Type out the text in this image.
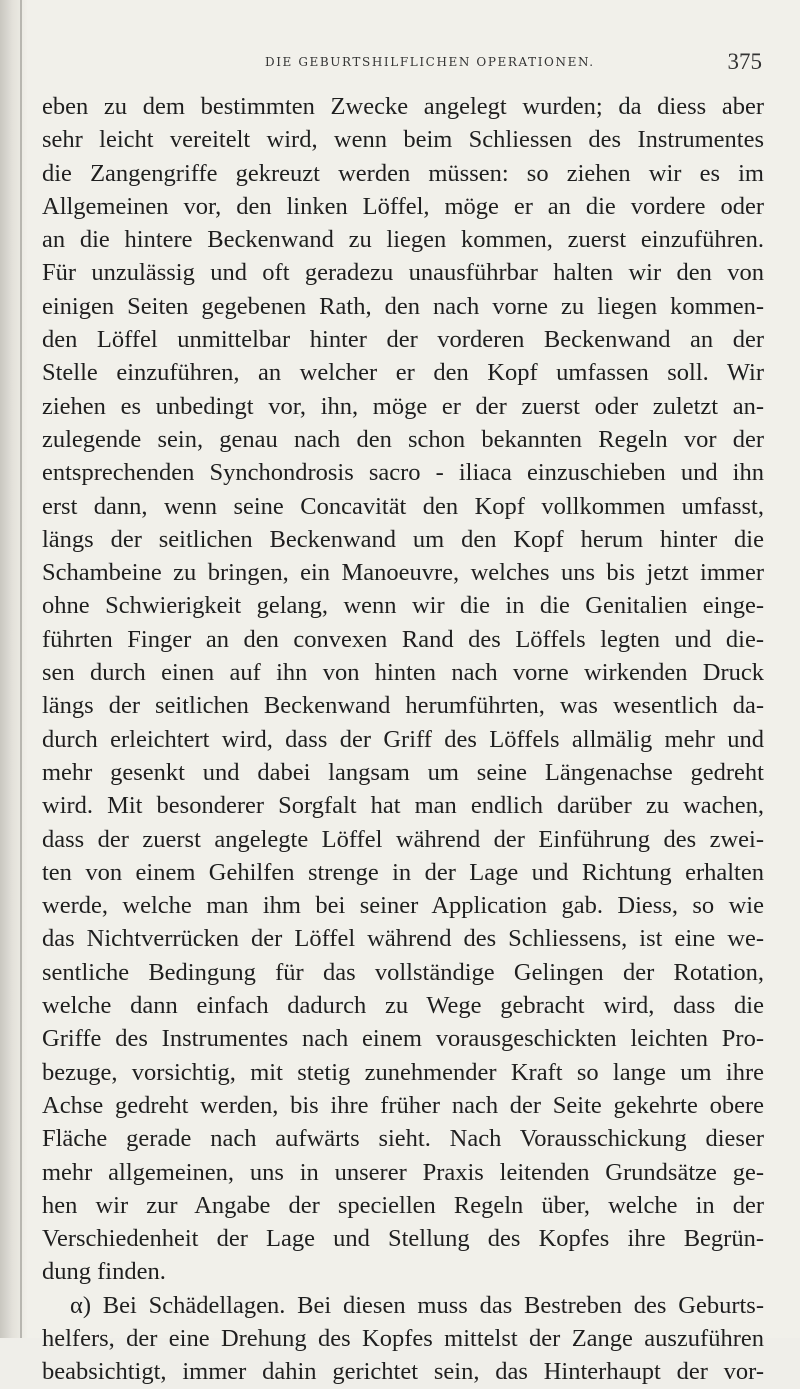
DIE GEBURTSHILFLICHEN OPERATIONEN.	375
eben zu dem bestimmten Zwecke angelegt wurden; da diess aber
sehr leicht vereitelt wird, wenn beim Schliessen des Instrumentes
die Zangengriffe gekreuzt werden müssen: so ziehen wir es im
Allgemeinen vor, den linken Löffel, möge er an die vordere oder
an die hintere Beckenwand zu liegen kommen, zuerst einzuführen.
Für unzulässig und oft geradezu unausführbar halten wir den von
einigen Seiten gegebenen Rath, den nach vorne zu liegen kommen-
den Löffel unmittelbar hinter der vorderen Beckenwand an der
Stelle einzuführen, an welcher er den Kopf umfassen soll. Wir
ziehen es unbedingt vor, ihn, möge er der zuerst oder zuletzt an-
zulegende sein, genau nach den schon bekannten Regeln vor der
entsprechenden Synchondrosis sacro - iliaca einzuschieben und ihn
erst dann, wenn seine Concavität den Kopf vollkommen umfasst,
längs der seitlichen Beckenwand um den Kopf herum hinter die
Schambeine zu bringen, ein Manoeuvre, welches uns bis jetzt immer
ohne Schwierigkeit gelang, wenn wir die in die Genitalien einge-
führten Finger an den convexen Rand des Löffels legten und die-
sen durch einen auf ihn von hinten nach vorne wirkenden Druck
längs der seitlichen Beckenwand herumführten, was wesentlich da-
durch erleichtert wird, dass der Griff des Löffels allmälig mehr und
mehr gesenkt und dabei langsam um seine Längenachse gedreht
wird. Mit besonderer Sorgfalt hat man endlich darüber zu wachen,
dass der zuerst angelegte Löffel während der Einführung des zwei-
ten von einem Gehilfen strenge in der Lage und Richtung erhalten
werde, welche man ihm bei seiner Application gab. Diess, so wie
das Nichtverrücken der Löffel während des Schliessens, ist eine we-
sentliche Bedingung für das vollständige Gelingen der Rotation,
welche dann einfach dadurch zu Wege gebracht wird, dass die
Griffe des Instrumentes nach einem vorausgeschickten leichten Pro-
bezuge, vorsichtig, mit stetig zunehmender Kraft so lange um ihre
Achse gedreht werden, bis ihre früher nach der Seite gekehrte obere
Fläche gerade nach aufwärts sieht. Nach Vorausschickung dieser
mehr allgemeinen, uns in unserer Praxis leitenden Grundsätze ge-
hen wir zur Angabe der speciellen Regeln über, welche in der
Verschiedenheit der Lage und Stellung des Kopfes ihre Begrün-
dung finden.
α) Bei Schädellagen. Bei diesen muss das Bestreben des Geburts-
helfers, der eine Drehung des Kopfes mittelst der Zange auszuführen
beabsichtigt, immer dahin gerichtet sein, das Hinterhaupt der vor-
